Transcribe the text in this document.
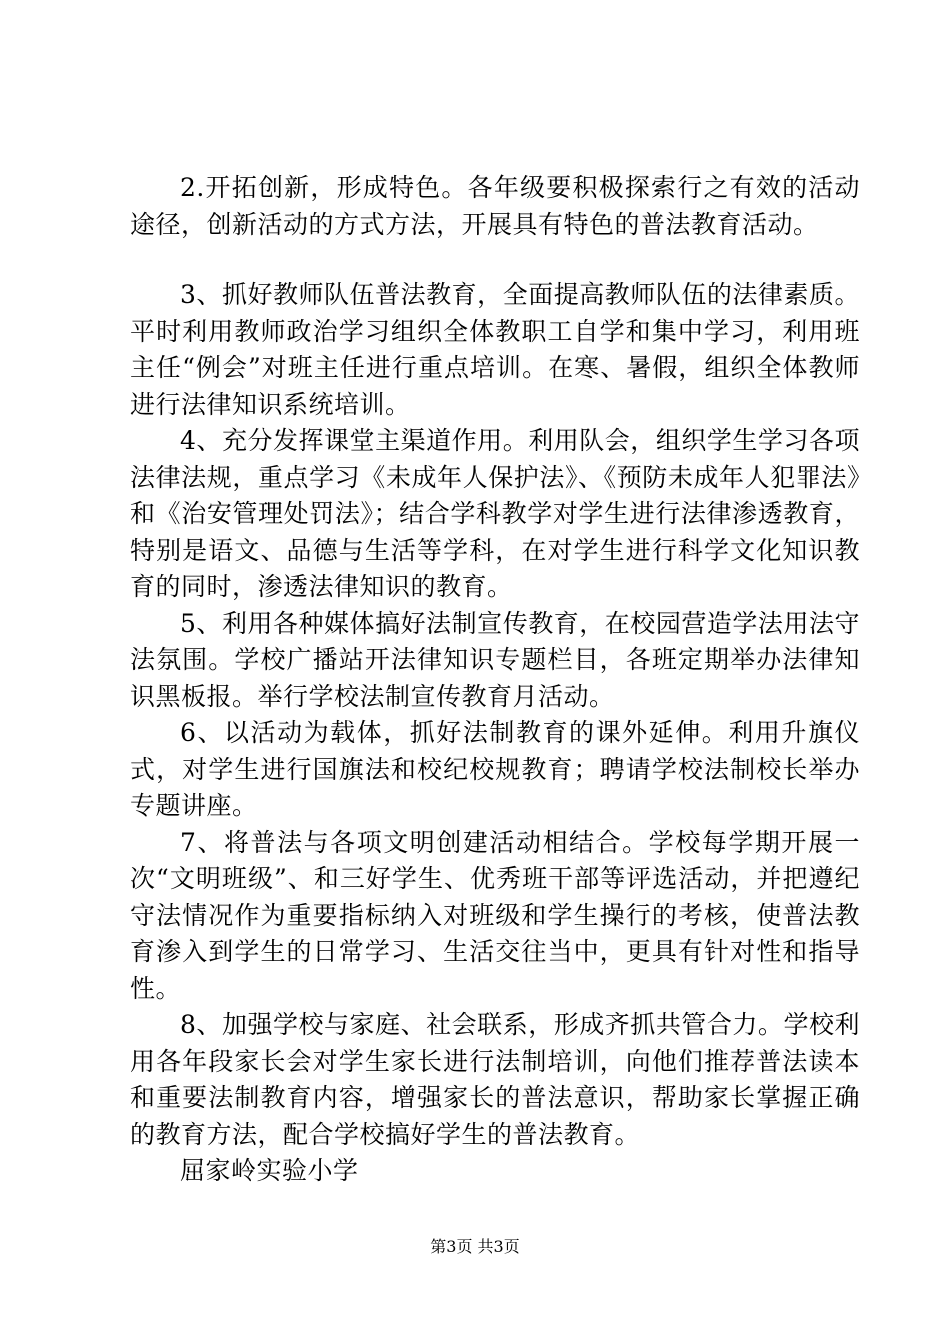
2.开拓创新，形成特色。各年级要积极探索行之有效的活动途径，创新活动的方式方法，开展具有特色的普法教育活动。

3、抓好教师队伍普法教育，全面提高教师队伍的法律素质。平时利用教师政治学习组织全体教职工自学和集中学习，利用班主任“例会”对班主任进行重点培训。在寒、暑假，组织全体教师进行法律知识系统培训。

4、充分发挥课堂主渠道作用。利用队会，组织学生学习各项法律法规，重点学习《未成年人保护法》、《预防未成年人犯罪法》和《治安管理处罚法》；结合学科教学对学生进行法律渗透教育，特别是语文、品德与生活等学科，在对学生进行科学文化知识教育的同时，渗透法律知识的教育。

5、利用各种媒体搞好法制宣传教育，在校园营造学法用法守法氛围。学校广播站开法律知识专题栏目，各班定期举办法律知识黑板报。举行学校法制宣传教育月活动。

6、以活动为载体，抓好法制教育的课外延伸。利用升旗仪式，对学生进行国旗法和校纪校规教育；聘请学校法制校长举办专题讲座。

7、将普法与各项文明创建活动相结合。学校每学期开展一次“文明班级”、和三好学生、优秀班干部等评选活动，并把遵纪守法情况作为重要指标纳入对班级和学生操行的考核，使普法教育渗入到学生的日常学习、生活交往当中，更具有针对性和指导性。

8、加强学校与家庭、社会联系，形成齐抓共管合力。学校利用各年段家长会对学生家长进行法制培训，向他们推荐普法读本和重要法制教育内容，增强家长的普法意识，帮助家长掌握正确的教育方法，配合学校搞好学生的普法教育。

屈家岭实验小学

第3页 共3页
